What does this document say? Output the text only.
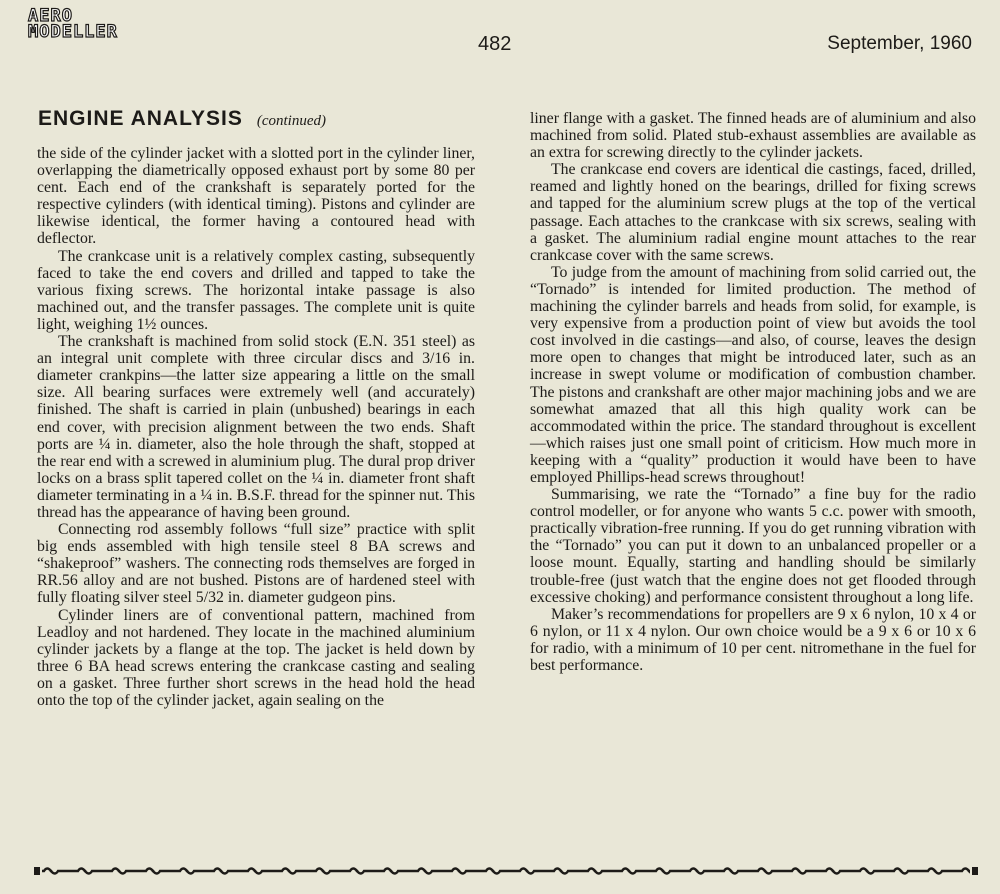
AERO
MODELLER
482	September, 1960
ENGINE ANALYSIS (continued)

the side of the cylinder jacket with a slotted port in the cylinder liner, overlapping the diametrically opposed exhaust port by some 80 per cent. Each end of the crankshaft is separately ported for the respective cylinders (with identical timing). Pistons and cylinder are likewise identical, the former having a contoured head with deflector.

The crankcase unit is a relatively complex casting, subsequently faced to take the end covers and drilled and tapped to take the various fixing screws. The horizontal intake passage is also machined out, and the transfer passages. The complete unit is quite light, weighing 1½ ounces.

The crankshaft is machined from solid stock (E.N. 351 steel) as an integral unit complete with three circular discs and 3/16 in. diameter crankpins—the latter size appearing a little on the small size. All bearing surfaces were extremely well (and accurately) finished. The shaft is carried in plain (unbushed) bearings in each end cover, with precision alignment between the two ends. Shaft ports are ¼ in. diameter, also the hole through the shaft, stopped at the rear end with a screwed in aluminium plug. The dural prop driver locks on a brass split tapered collet on the ¼ in. diameter front shaft diameter terminating in a ¼ in. B.S.F. thread for the spinner nut. This thread has the appearance of having been ground.

Connecting rod assembly follows “full size” practice with split big ends assembled with high tensile steel 8 BA screws and “shakeproof” washers. The connecting rods themselves are forged in RR.56 alloy and are not bushed. Pistons are of hardened steel with fully floating silver steel 5/32 in. diameter gudgeon pins.

Cylinder liners are of conventional pattern, machined from Leadloy and not hardened. They locate in the machined aluminium cylinder jackets by a flange at the top. The jacket is held down by three 6 BA head screws entering the crankcase casting and sealing on a gasket. Three further short screws in the head hold the head onto the top of the cylinder jacket, again sealing on the

liner flange with a gasket. The finned heads are of aluminium and also machined from solid. Plated stub-exhaust assemblies are available as an extra for screwing directly to the cylinder jackets.

The crankcase end covers are identical die castings, faced, drilled, reamed and lightly honed on the bearings, drilled for fixing screws and tapped for the aluminium screw plugs at the top of the vertical passage. Each attaches to the crankcase with six screws, sealing with a gasket. The aluminium radial engine mount attaches to the rear crankcase cover with the same screws.

To judge from the amount of machining from solid carried out, the “Tornado” is intended for limited production. The method of machining the cylinder barrels and heads from solid, for example, is very expensive from a production point of view but avoids the tool cost involved in die castings—and also, of course, leaves the design more open to changes that might be introduced later, such as an increase in swept volume or modification of combustion chamber. The pistons and crankshaft are other major machining jobs and we are somewhat amazed that all this high quality work can be accommodated within the price. The standard throughout is excellent—which raises just one small point of criticism. How much more in keeping with a “quality” production it would have been to have employed Phillips-head screws throughout!

Summarising, we rate the “Tornado” a fine buy for the radio control modeller, or for anyone who wants 5 c.c. power with smooth, practically vibration-free running. If you do get running vibration with the “Tornado” you can put it down to an unbalanced propeller or a loose mount. Equally, starting and handling should be similarly trouble-free (just watch that the engine does not get flooded through excessive choking) and performance consistent throughout a long life.

Maker’s recommendations for propellers are 9 x 6 nylon, 10 x 4 or 6 nylon, or 11 x 4 nylon. Our own choice would be a 9 x 6 or 10 x 6 for radio, with a minimum of 10 per cent. nitromethane in the fuel for best performance.
